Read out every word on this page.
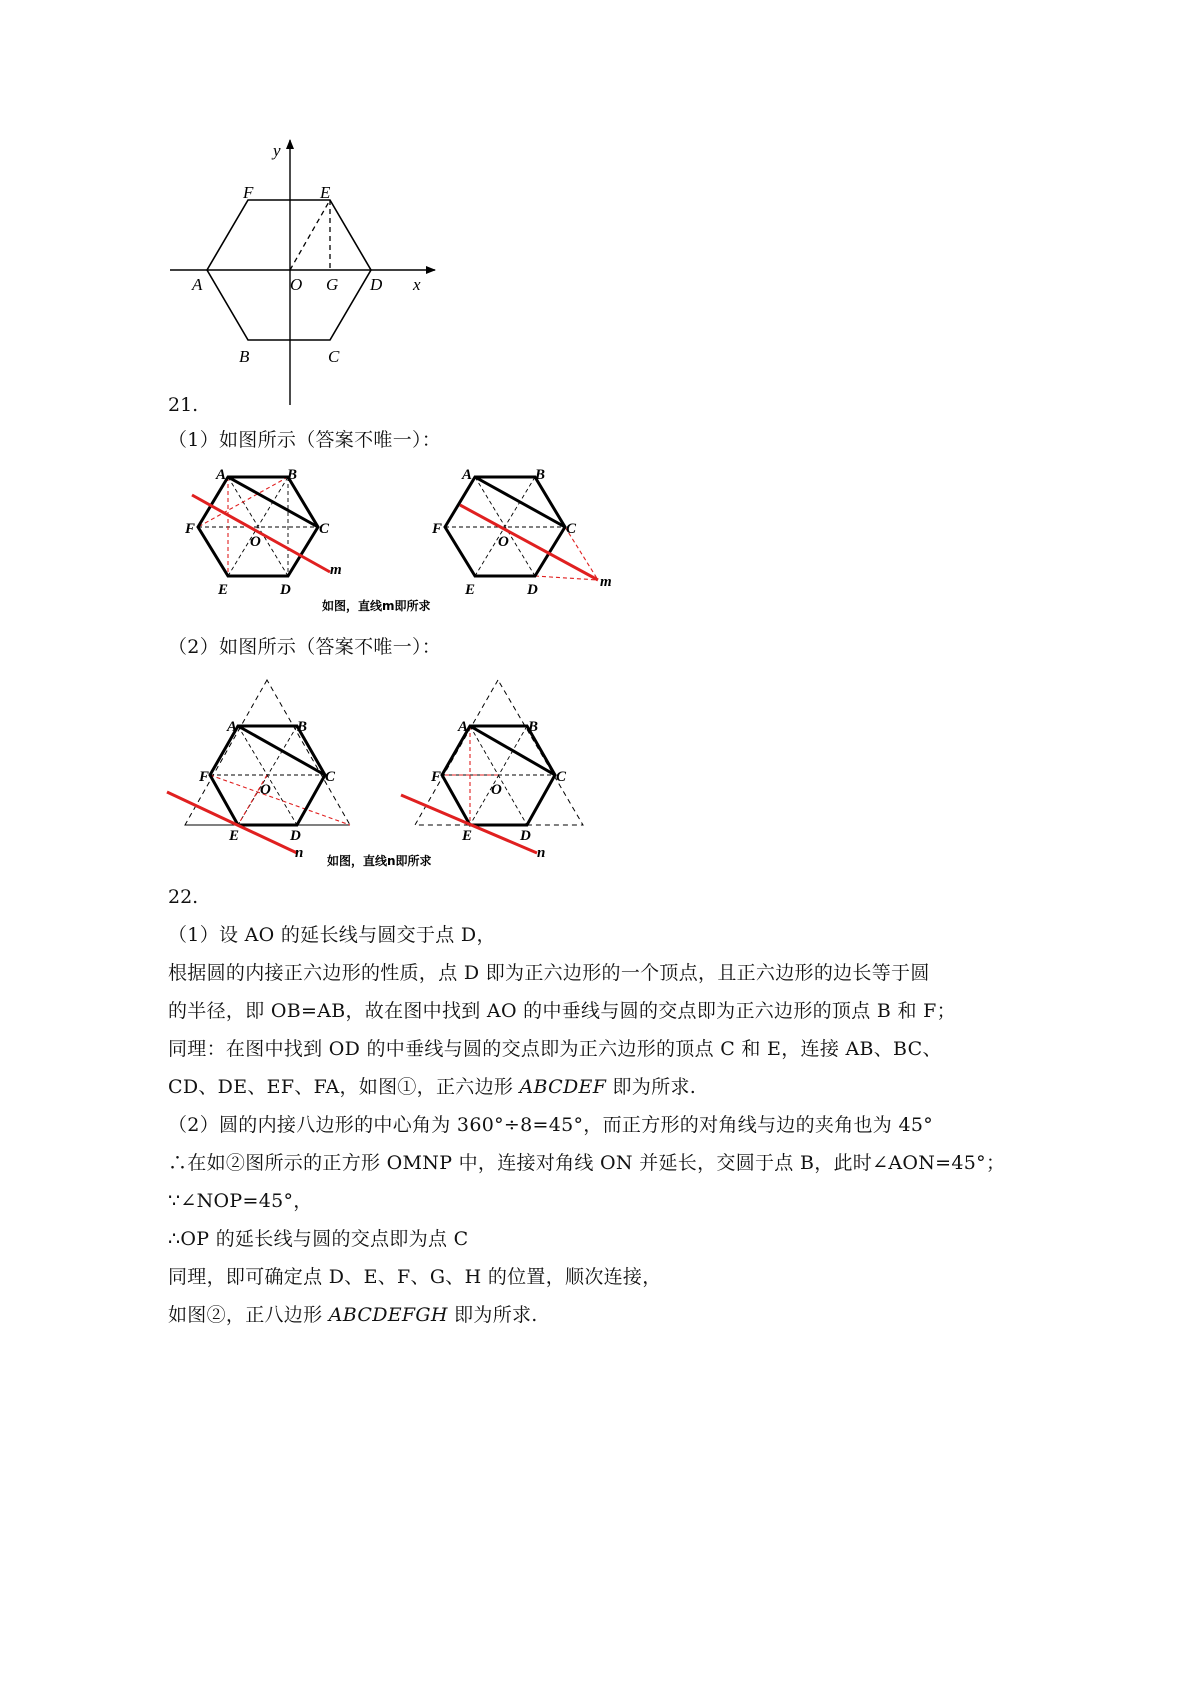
y
F	E
A	O G D x
B	C
21.
（1）如图所示（答案不唯一）：
A	B
C
F
O
E	D
m
A	B
C
F
O
E	D	m
如图，直线m即所求
（2）如图所示（答案不唯一）：
A	B
C
F
O
E	D
n
A	B
C
F
O
E	D
n
如图，直线n即所求
22.
（1）设 AO 的延长线与圆交于点 D，
根据圆的内接正六边形的性质，点 D 即为正六边形的一个顶点，且正六边形的边长等于圆
的半径，即 OB=AB，故在图中找到 AO 的中垂线与圆的交点即为正六边形的顶点 B 和 F；
同理：在图中找到 OD 的中垂线与圆的交点即为正六边形的顶点 C 和 E，连接 AB、BC、
CD、DE、EF、FA，如图①，正六边形 ABCDEF 即为所求.
（2）圆的内接八边形的中心角为 360°÷8=45°，而正方形的对角线与边的夹角也为 45°
∴在如②图所示的正方形 OMNP 中，连接对角线 ON 并延长，交圆于点 B，此时∠AON=45°；
∵∠NOP=45°，
∴OP 的延长线与圆的交点即为点 C
同理，即可确定点 D、E、F、G、H 的位置，顺次连接，
如图②，正八边形 ABCDEFGH 即为所求.
